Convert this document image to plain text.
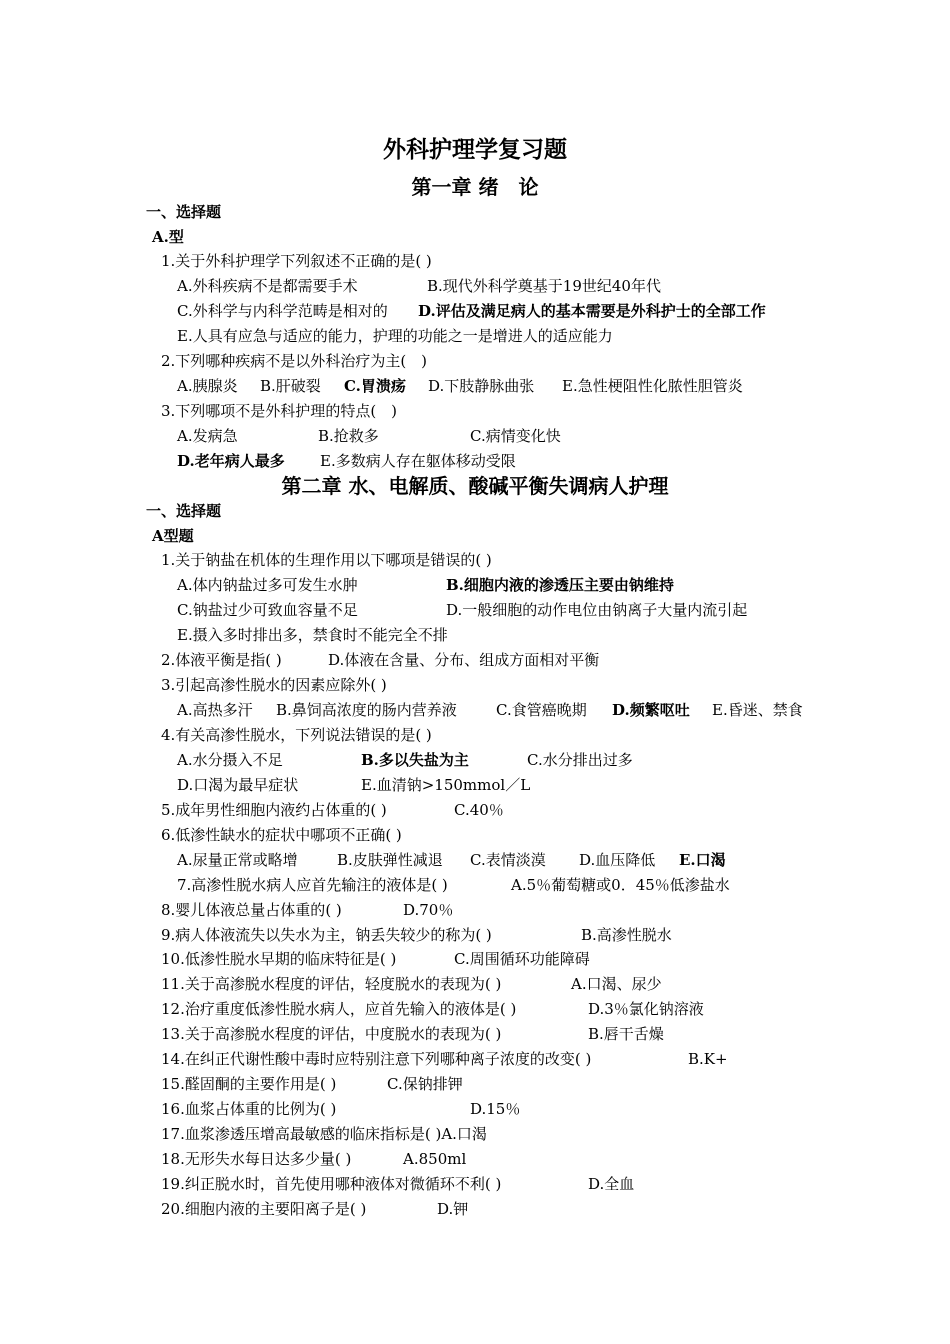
外科护理学复习题
第一章 绪　论
一、选择题
A.型
1.关于外科护理学下列叙述不正确的是( )
A.外科疾病不是都需要手术	B.现代外科学奠基于19世纪40年代
C.外科学与内科学范畴是相对的 D.评估及满足病人的基本需要是外科护士的全部工作
E.人具有应急与适应的能力，护理的功能之一是增进人的适应能力
2.下列哪种疾病不是以外科治疗为主(　)
A.胰腺炎 B.肝破裂 C.胃溃疡 D.下肢静脉曲张 E.急性梗阻性化脓性胆管炎
3.下列哪项不是外科护理的特点(　)
A.发病急	B.抢救多	C.病情变化快
D.老年病人最多 E.多数病人存在躯体移动受限
第二章 水、电解质、酸碱平衡失调病人护理
一、选择题
A型题
1.关于钠盐在机体的生理作用以下哪项是错误的( )
A.体内钠盐过多可发生水肿	B.细胞内液的渗透压主要由钠维持
C.钠盐过少可致血容量不足	D.一般细胞的动作电位由钠离子大量内流引起
E.摄入多时排出多，禁食时不能完全不排
2.体液平衡是指( )	D.体液在含量、分布、组成方面相对平衡
3.引起高渗性脱水的因素应除外( )
A.高热多汗 B.鼻饲高浓度的肠内营养液	C.食管癌晚期 D.频繁呕吐 E.昏迷、禁食
4.有关高渗性脱水，下列说法错误的是( )
A.水分摄入不足	B.多以失盐为主	C.水分排出过多
D.口渴为最早症状	E.血清钠>150mmol／L
5.成年男性细胞内液约占体重的( )	C.40％
6.低渗性缺水的症状中哪项不正确( )
A.尿量正常或略增	B.皮肤弹性减退 C.表情淡漠 D.血压降低 E.口渴
7.高渗性脱水病人应首先输注的液体是( )	A.5％葡萄糖或0．45％低渗盐水
8.婴儿体液总量占体重的( )	D.70％
9.病人体液流失以失水为主，钠丢失较少的称为( )	B.高渗性脱水
10.低渗性脱水早期的临床特征是( )	C.周围循环功能障碍
11.关于高渗脱水程度的评估，轻度脱水的表现为( )	A.口渴、尿少
12.治疗重度低渗性脱水病人，应首先输入的液体是( )	D.3％氯化钠溶液
13.关于高渗脱水程度的评估，中度脱水的表现为( )	B.唇干舌燥
14.在纠正代谢性酸中毒时应特别注意下列哪种离子浓度的改变( )	B.K+
15.醛固酮的主要作用是( )	C.保钠排钾
16.血浆占体重的比例为( )	D.15％
17.血浆渗透压增高最敏感的临床指标是( )A.口渴
18.无形失水每日达多少量( )	A.850ml
19.纠正脱水时，首先使用哪种液体对微循环不利( )	D.全血
20.细胞内液的主要阳离子是( )	D.钾
